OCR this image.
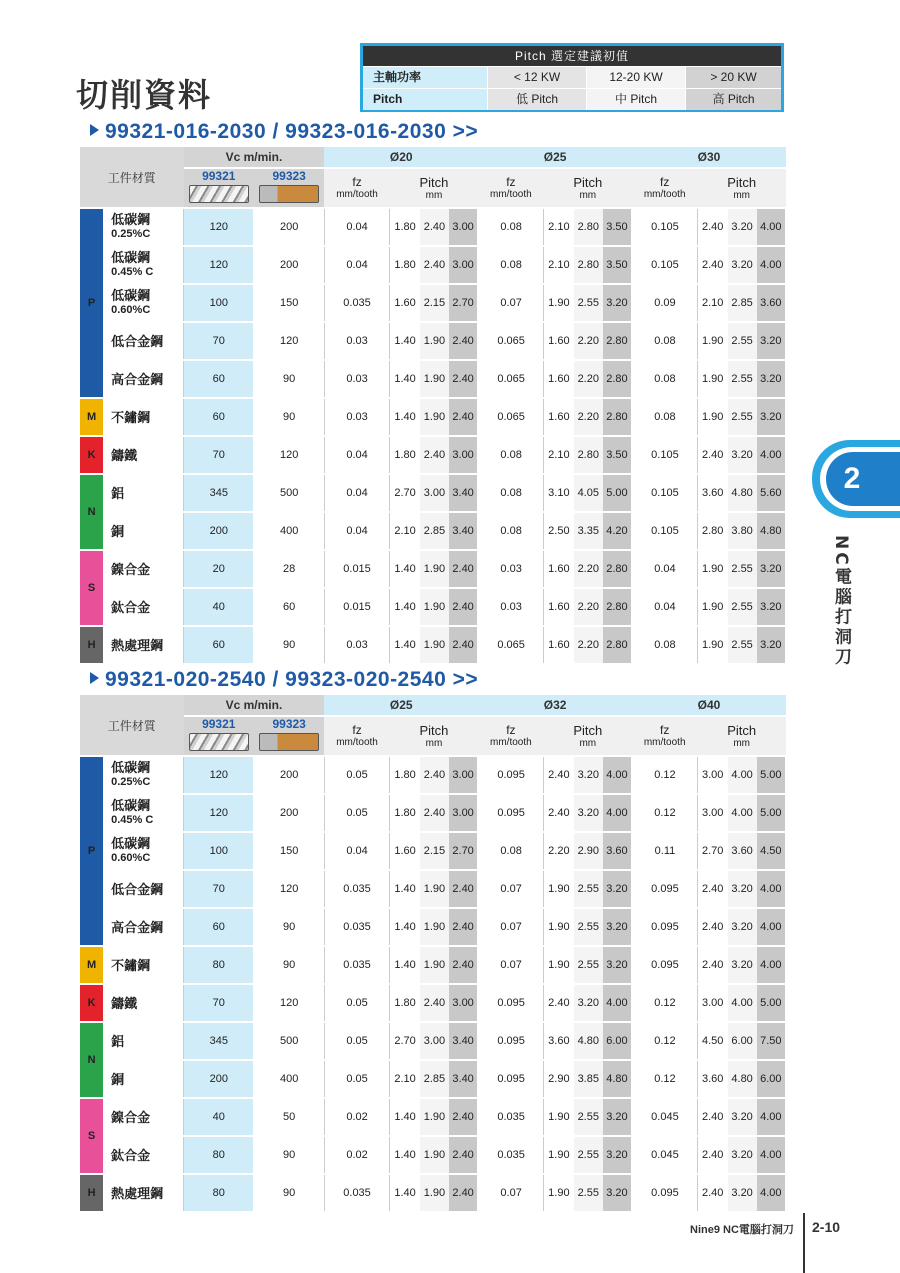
切削資料
Pitch 選定建議初值
主軸功率	< 12 KW	12-20 KW	> 20 KW
Pitch	低 Pitch	中 Pitch	高 Pitch
99321-016-2030 / 99323-016-2030 >>
工件材質		Vc m/min.		Ø20				Ø25				Ø30			

		99321	99323	fz
mm/tooth	Pitch
mm			fz
mm/tooth	Pitch
mm			fz
mm/tooth	Pitch
mm		

P	低碳鋼
0.25%C	120	200	0.04	1.80	2.40	3.00	0.08	2.10	2.80	3.50	0.105	2.40	3.20	4.00
	低碳鋼
0.45% C	120	200	0.04	1.80	2.40	3.00	0.08	2.10	2.80	3.50	0.105	2.40	3.20	4.00
	低碳鋼
0.60%C	100	150	0.035	1.60	2.15	2.70	0.07	1.90	2.55	3.20	0.09	2.10	2.85	3.60
	低合金鋼	70	120	0.03	1.40	1.90	2.40	0.065	1.60	2.20	2.80	0.08	1.90	2.55	3.20
	高合金鋼	60	90	0.03	1.40	1.90	2.40	0.065	1.60	2.20	2.80	0.08	1.90	2.55	3.20
M	不鏽鋼	60	90	0.03	1.40	1.90	2.40	0.065	1.60	2.20	2.80	0.08	1.90	2.55	3.20
K	鑄鐵	70	120	0.04	1.80	2.40	3.00	0.08	2.10	2.80	3.50	0.105	2.40	3.20	4.00
N	鋁	345	500	0.04	2.70	3.00	3.40	0.08	3.10	4.05	5.00	0.105	3.60	4.80	5.60
	銅	200	400	0.04	2.10	2.85	3.40	0.08	2.50	3.35	4.20	0.105	2.80	3.80	4.80
S	鎳合金	20	28	0.015	1.40	1.90	2.40	0.03	1.60	2.20	2.80	0.04	1.90	2.55	3.20
	鈦合金	40	60	0.015	1.40	1.90	2.40	0.03	1.60	2.20	2.80	0.04	1.90	2.55	3.20
H	熱處理鋼	60	90	0.03	1.40	1.90	2.40	0.065	1.60	2.20	2.80	0.08	1.90	2.55	3.20
99321-020-2540 / 99323-020-2540 >>
工件材質		Vc m/min.		Ø25				Ø32				Ø40			

		99321	99323	fz
mm/tooth	Pitch
mm			fz
mm/tooth	Pitch
mm			fz
mm/tooth	Pitch
mm		

P	低碳鋼
0.25%C	120	200	0.05	1.80	2.40	3.00	0.095	2.40	3.20	4.00	0.12	3.00	4.00	5.00
	低碳鋼
0.45% C	120	200	0.05	1.80	2.40	3.00	0.095	2.40	3.20	4.00	0.12	3.00	4.00	5.00
	低碳鋼
0.60%C	100	150	0.04	1.60	2.15	2.70	0.08	2.20	2.90	3.60	0.11	2.70	3.60	4.50
	低合金鋼	70	120	0.035	1.40	1.90	2.40	0.07	1.90	2.55	3.20	0.095	2.40	3.20	4.00
	高合金鋼	60	90	0.035	1.40	1.90	2.40	0.07	1.90	2.55	3.20	0.095	2.40	3.20	4.00
M	不鏽鋼	80	90	0.035	1.40	1.90	2.40	0.07	1.90	2.55	3.20	0.095	2.40	3.20	4.00
K	鑄鐵	70	120	0.05	1.80	2.40	3.00	0.095	2.40	3.20	4.00	0.12	3.00	4.00	5.00
N	鋁	345	500	0.05	2.70	3.00	3.40	0.095	3.60	4.80	6.00	0.12	4.50	6.00	7.50
	銅	200	400	0.05	2.10	2.85	3.40	0.095	2.90	3.85	4.80	0.12	3.60	4.80	6.00
S	鎳合金	40	50	0.02	1.40	1.90	2.40	0.035	1.90	2.55	3.20	0.045	2.40	3.20	4.00
	鈦合金	80	90	0.02	1.40	1.90	2.40	0.035	1.90	2.55	3.20	0.045	2.40	3.20	4.00
H	熱處理鋼	80	90	0.035	1.40	1.90	2.40	0.07	1.90	2.55	3.20	0.095	2.40	3.20	4.00
2
NC電腦打洞刀
Nine9 NC電腦打洞刀 2-10
